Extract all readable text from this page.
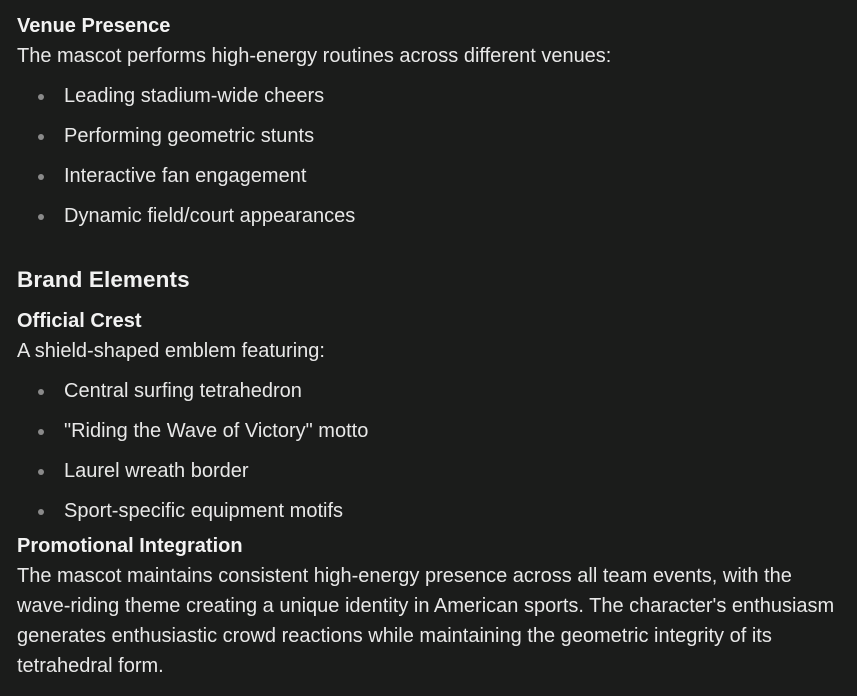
Venue Presence
The mascot performs high-energy routines across different venues:
Leading stadium-wide cheers
Performing geometric stunts
Interactive fan engagement
Dynamic field/court appearances
Brand Elements
Official Crest
A shield-shaped emblem featuring:
Central surfing tetrahedron
"Riding the Wave of Victory" motto
Laurel wreath border
Sport-specific equipment motifs
Promotional Integration
The mascot maintains consistent high-energy presence across all team events, with the wave-riding theme creating a unique identity in American sports. The character's enthusiasm generates enthusiastic crowd reactions while maintaining the geometric integrity of its tetrahedral form.
